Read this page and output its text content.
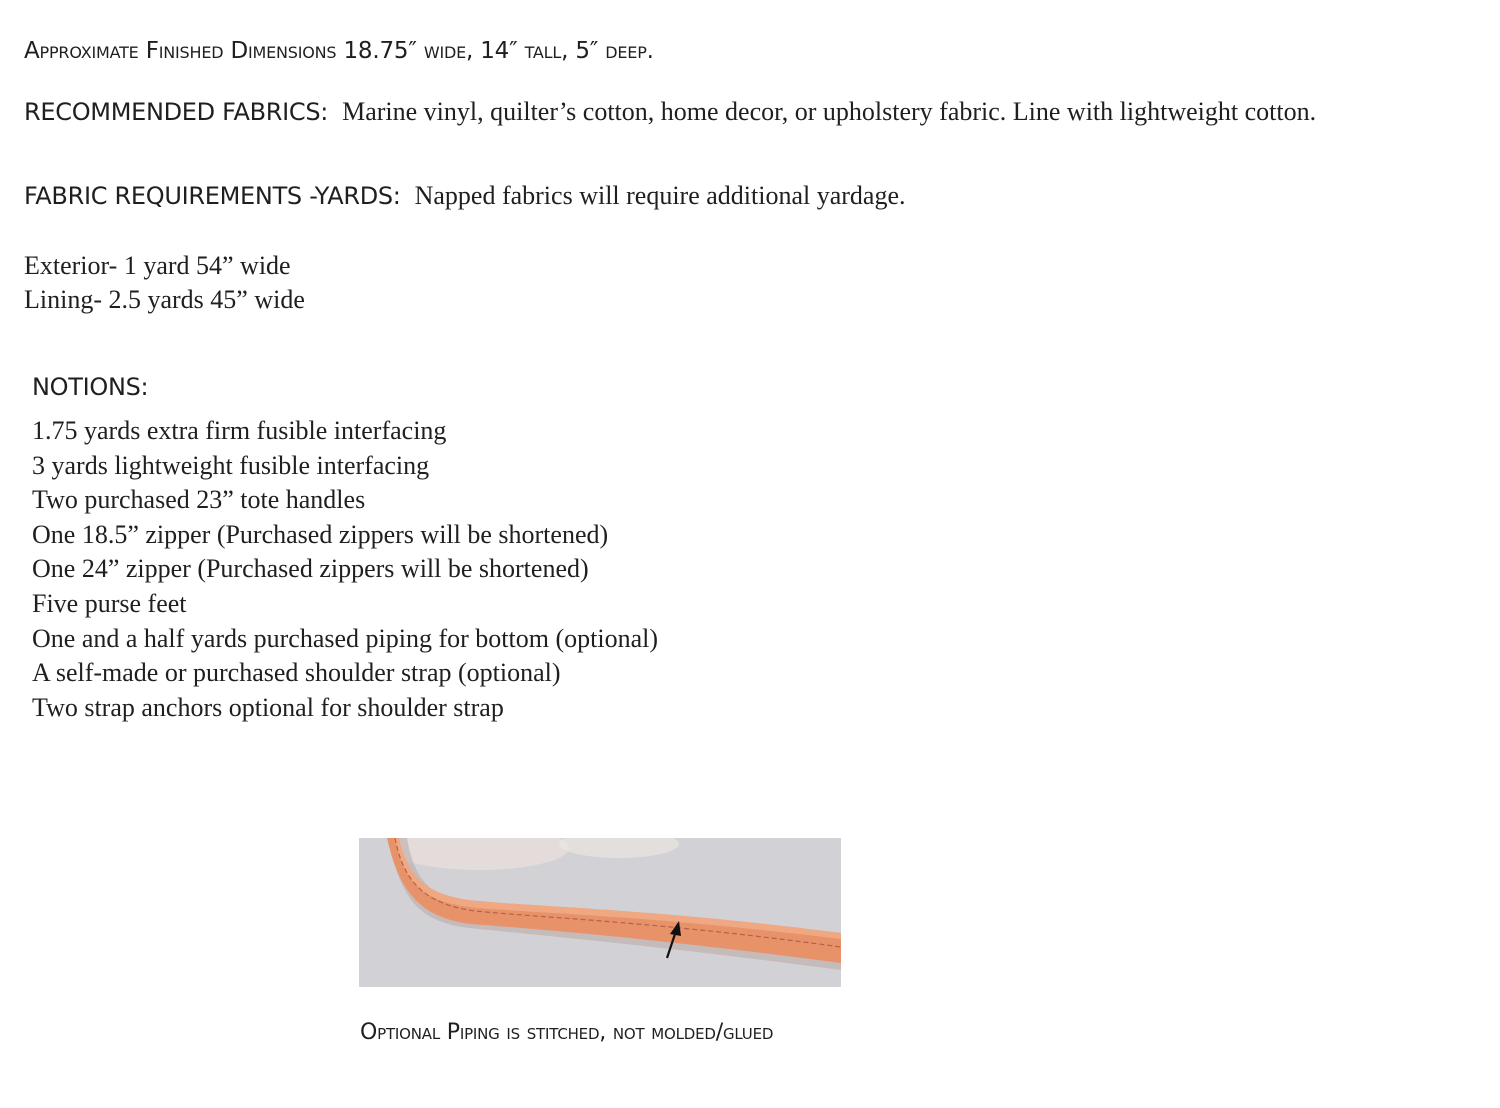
Approximate Finished Dimensions 18.75″ wide, 14″ tall, 5″ deep.
RECOMMENDED FABRICS: Marine vinyl, quilter’s cotton, home decor, or upholstery fabric. Line with lightweight cotton.
FABRIC REQUIREMENTS -YARDS: Napped fabrics will require additional yardage.
Exterior- 1 yard 54” wide
Lining- 2.5 yards 45” wide
NOTIONS:
1.75 yards extra firm fusible interfacing
3 yards lightweight fusible interfacing
Two purchased 23” tote handles
One 18.5” zipper (Purchased zippers will be shortened)
One 24” zipper (Purchased zippers will be shortened)
Five purse feet
One and a half yards purchased piping for bottom (optional)
A self-made or purchased shoulder strap (optional)
Two strap anchors optional for shoulder strap
Optional Piping is stitched, not molded/glued
